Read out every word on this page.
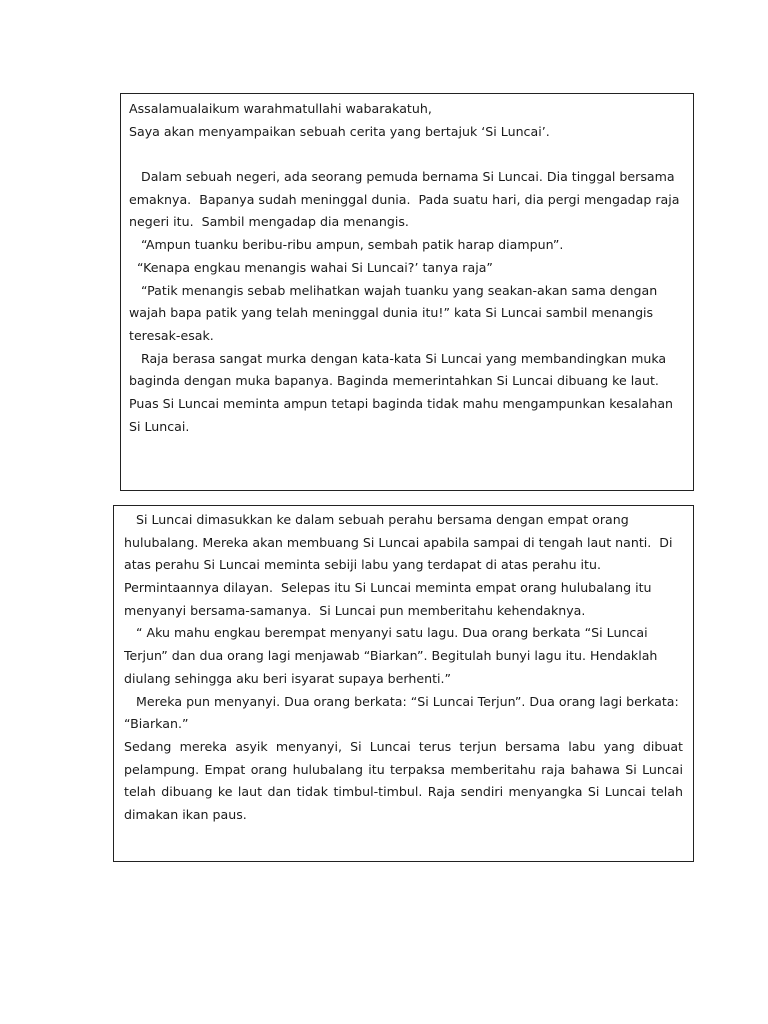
Assalamualaikum warahmatullahi wabarakatuh,
Saya akan menyampaikan sebuah cerita yang bertajuk ‘Si Luncai’.
Dalam sebuah negeri, ada seorang pemuda bernama Si Luncai. Dia tinggal bersama
emaknya.  Bapanya sudah meninggal dunia.  Pada suatu hari, dia pergi mengadap raja
negeri itu.  Sambil mengadap dia menangis.
“Ampun tuanku beribu-ribu ampun, sembah patik harap diampun”.
“Kenapa engkau menangis wahai Si Luncai?’ tanya raja”
“Patik menangis sebab melihatkan wajah tuanku yang seakan-akan sama dengan
wajah bapa patik yang telah meninggal dunia itu!” kata Si Luncai sambil menangis
teresak-esak.
Raja berasa sangat murka dengan kata-kata Si Luncai yang membandingkan muka
baginda dengan muka bapanya. Baginda memerintahkan Si Luncai dibuang ke laut.
Puas Si Luncai meminta ampun tetapi baginda tidak mahu mengampunkan kesalahan
Si Luncai.
Si Luncai dimasukkan ke dalam sebuah perahu bersama dengan empat orang
hulubalang. Mereka akan membuang Si Luncai apabila sampai di tengah laut nanti.  Di
atas perahu Si Luncai meminta sebiji labu yang terdapat di atas perahu itu.
Permintaannya dilayan.  Selepas itu Si Luncai meminta empat orang hulubalang itu
menyanyi bersama-samanya.  Si Luncai pun memberitahu kehendaknya.
“ Aku mahu engkau berempat menyanyi satu lagu. Dua orang berkata “Si Luncai
Terjun” dan dua orang lagi menjawab “Biarkan”. Begitulah bunyi lagu itu. Hendaklah
diulang sehingga aku beri isyarat supaya berhenti.”
Mereka pun menyanyi. Dua orang berkata: “Si Luncai Terjun”. Dua orang lagi berkata:
“Biarkan.”
Sedang mereka asyik menyanyi, Si Luncai terus terjun bersama labu yang dibuat
pelampung. Empat orang hulubalang itu terpaksa memberitahu raja bahawa Si Luncai
telah dibuang ke laut dan tidak timbul-timbul. Raja sendiri menyangka Si Luncai telah
dimakan ikan paus.
